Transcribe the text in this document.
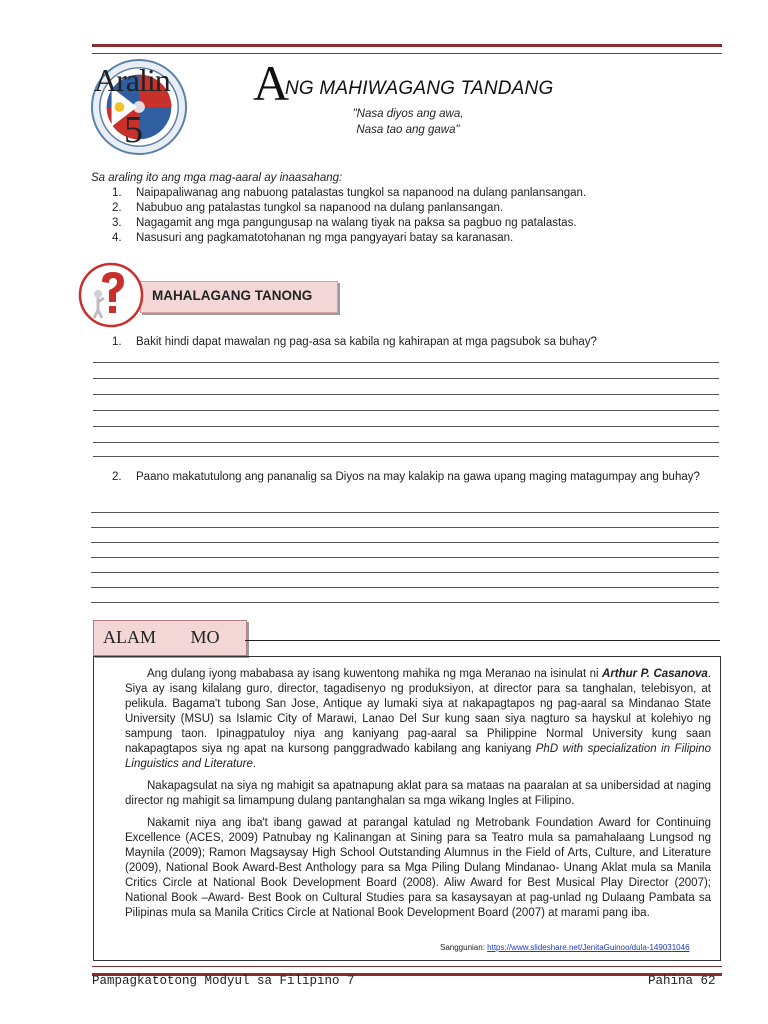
Aralin
5
A
NG MAHIWAGANG TANDANG
"Nasa diyos ang awa,
Nasa tao ang gawa"
Sa araling ito ang mga mag-aaral ay inaasahang:
1.	Naipapaliwanag ang nabuong patalastas tungkol sa napanood na dulang panlansangan.
2.	Nabubuo ang patalastas tungkol sa napanood na dulang panlansangan.
3.	Nagagamit ang mga pangungusap na walang tiyak na paksa sa pagbuo ng patalastas.
4.	Nasusuri ang pagkamatotohanan ng mga pangyayari batay sa karanasan.
MAHALAGANG TANONG
1.	Bakit hindi dapat mawalan ng pag-asa sa kabila ng kahirapan at mga pagsubok sa buhay?
2.	Paano makatutulong ang pananalig sa Diyos na may kalakip na gawa upang maging matagumpay ang buhay?
ALAM MO

Ang dulang iyong mababasa ay isang kuwentong mahika ng mga Meranao na isinulat ni Arthur P. Casanova. Siya ay isang kilalang guro, director, tagadisenyo ng produksiyon, at director para sa tanghalan, telebisyon, at pelikula. Bagama't tubong San Jose, Antique ay lumaki siya at nakapagtapos ng pag-aaral sa Mindanao State University (MSU) sa Islamic City of Marawi, Lanao Del Sur kung saan siya nagturo sa hayskul at kolehiyo ng sampung taon. Ipinagpatuloy niya ang kaniyang pag-aaral sa Philippine Normal University kung saan nakapagtapos siya ng apat na kursong panggradwado kabilang ang kaniyang PhD with specialization in Filipino Linguistics and Literature.

Nakapagsulat na siya ng mahigit sa apatnapung aklat para sa mataas na paaralan at sa unibersidad at naging director ng mahigit sa limampung dulang pantanghalan sa mga wikang Ingles at Filipino.

Nakamit niya ang iba't ibang gawad at parangal katulad ng Metrobank Foundation Award for Continuing Excellence (ACES, 2009) Patnubay ng Kalinangan at Sining para sa Teatro mula sa pamahalaang Lungsod ng Maynila (2009); Ramon Magsaysay High School Outstanding Alumnus in the Field of Arts, Culture, and Literature (2009), National Book Award-Best Anthology para sa Mga Piling Dulang Mindanao- Unang Aklat mula sa Manila Critics Circle at National Book Development Board (2008). Aliw Award for Best Musical Play Director (2007); National Book –Award- Best Book on Cultural Studies para sa kasaysayan at pag-unlad ng Dulaang Pambata sa Pilipinas mula sa Manila Critics Circle at National Book Development Board (2007) at marami pang iba.

Sanggunian: https://www.slideshare.net/JenitaGuinoo/dula-149031046
Pampagkatotong Modyul sa Filipino 7	Pahina 62
